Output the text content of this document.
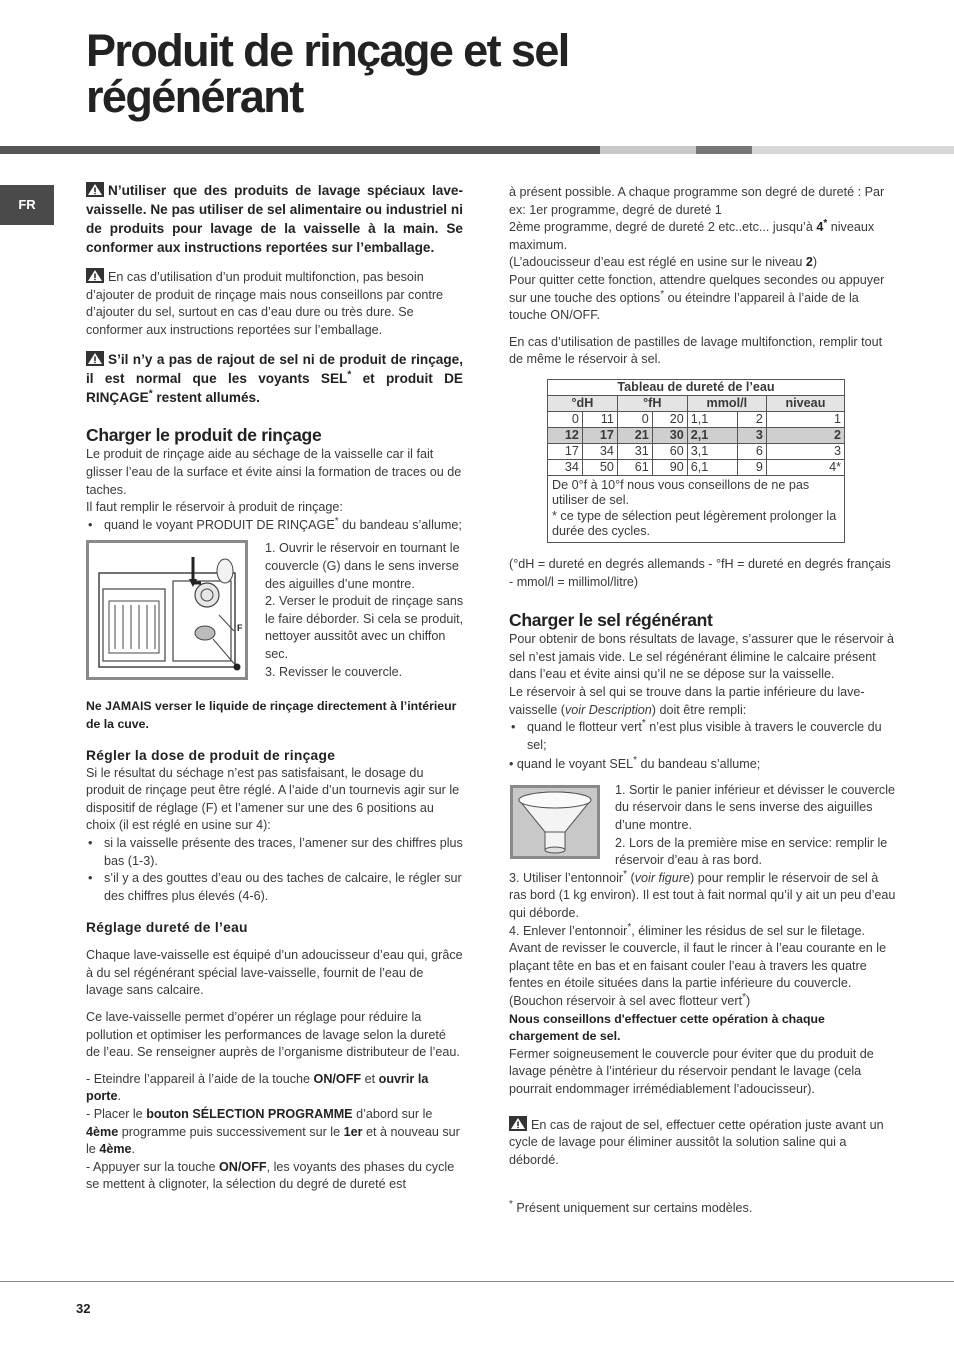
Produit de rinçage et sel régénérant
FR

N’utiliser que des produits de lavage spéciaux lave-vaisselle. Ne pas utiliser de sel alimentaire ou industriel ni de produits pour lavage de la vaisselle à la main. Se conformer aux instructions reportées sur l’emballage.

En cas d’utilisation d’un produit multifonction, pas besoin d’ajouter de produit de rinçage mais nous conseillons par contre d’ajouter du sel, surtout en cas d’eau dure ou très dure. Se conformer aux instructions reportées sur l’emballage.

S’il n’y a pas de rajout de sel ni de produit de rinçage, il est normal que les voyants SEL* et produit DE RINÇAGE* restent allumés.

Charger le produit de rinçage

Le produit de rinçage aide au séchage de la vaisselle car il fait glisser l’eau de la surface et évite ainsi la formation de traces ou de taches.

Il faut remplir le réservoir à produit de rinçage:

• quand le voyant PRODUIT DE RINÇAGE* du bandeau s’allume;
F

1. Ouvrir le réservoir en tournant le couvercle (G) dans le sens inverse des aiguilles d’une montre.
2. Verser le produit de rinçage sans le faire déborder. Si cela se produit, nettoyer aussitôt avec un chiffon sec.
3. Revisser le couvercle.

Ne JAMAIS verser le liquide de rinçage directement à l’intérieur de la cuve.

Régler la dose de produit de rinçage

Si le résultat du séchage n’est pas satisfaisant, le dosage du produit de rinçage peut être réglé. A l’aide d’un tournevis agir sur le dispositif de réglage (F) et l’amener sur une des 6 positions au choix (il est réglé en usine sur 4):

• si la vaisselle présente des traces, l’amener sur des chiffres plus bas (1-3).
• s’il y a des gouttes d’eau ou des taches de calcaire, le régler sur des chiffres plus élevés (4-6).
Réglage dureté de l’eau

Chaque lave-vaisselle est équipé d’un adoucisseur d’eau qui, grâce à du sel régénérant spécial lave-vaisselle, fournit de l’eau de lavage sans calcaire.

Ce lave-vaisselle permet d’opérer un réglage pour réduire la pollution et optimiser les performances de lavage selon la dureté de l’eau. Se renseigner auprès de l’organisme distributeur de l’eau.

- Eteindre l’appareil à l’aide de la touche ON/OFF et ouvrir la porte.

- Placer le bouton SÉLECTION PROGRAMME d’abord sur le 4ème programme puis successivement sur le 1er et à nouveau sur le 4ème.

- Appuyer sur la touche ON/OFF, les voyants des phases du cycle se mettent à clignoter, la sélection du degré de dureté est

à présent possible. A chaque programme son degré de dureté : Par ex: 1er programme, degré de dureté 1

2ème programme, degré de dureté 2 etc..etc... jusqu’à 4* niveaux maximum.

(L’adoucisseur d’eau est réglé en usine sur le niveau 2)

Pour quitter cette fonction, attendre quelques secondes ou appuyer sur une touche des options* ou éteindre l’appareil à l’aide de la touche ON/OFF.

En cas d’utilisation de pastilles de lavage multifonction, remplir tout de même le réservoir à sel.

Tableau de dureté de l’eau						
°dH		°fH		mmol/l		niveau
0	11	0	20	1,1	2	1
12	17	21	30	2,1	3	2
17	34	31	60	3,1	6	3
34	50	61	90	6,1	9	4*
De 0°f à 10°f nous vous conseillons de ne pas utiliser de sel.
* ce type de sélection peut légèrement prolonger la durée des cycles.						

(°dH = dureté en degrés allemands - °fH = dureté en degrés français - mmol/l = millimol/litre)

Charger le sel régénérant

Pour obtenir de bons résultats de lavage, s’assurer que le réservoir à sel n’est jamais vide. Le sel régénérant élimine le calcaire présent dans l’eau et évite ainsi qu’il ne se dépose sur la vaisselle.

Le réservoir à sel qui se trouve dans la partie inférieure du lave-vaisselle (voir Description) doit être rempli:

• quand le flotteur vert* n’est plus visible à travers le couvercle du sel;

• quand le voyant SEL* du bandeau s’allume;

1. Sortir le panier inférieur et dévisser le couvercle du réservoir dans le sens inverse des aiguilles d’une montre.
2. Lors de la première mise en service: remplir le réservoir d’eau à ras bord.

3. Utiliser l’entonnoir* (voir figure) pour remplir le réservoir de sel à ras bord (1 kg environ). Il est tout à fait normal qu’il y ait un peu d’eau qui déborde.

4. Enlever l’entonnoir*, éliminer les résidus de sel sur le filetage. Avant de revisser le couvercle, il faut le rincer à l’eau courante en le plaçant tête en bas et en faisant couler l’eau à travers les quatre fentes en étoile situées dans la partie inférieure du couvercle. (Bouchon réservoir à sel avec flotteur vert*)

Nous conseillons d'effectuer cette opération à chaque chargement de sel.

Fermer soigneusement le couvercle pour éviter que du produit de lavage pénètre à l’intérieur du réservoir pendant le lavage (cela pourrait endommager irrémédiablement l’adoucisseur).

En cas de rajout de sel, effectuer cette opération juste avant un cycle de lavage pour éliminer aussitôt la solution saline qui a débordé.

* Présent uniquement sur certains modèles.

32
